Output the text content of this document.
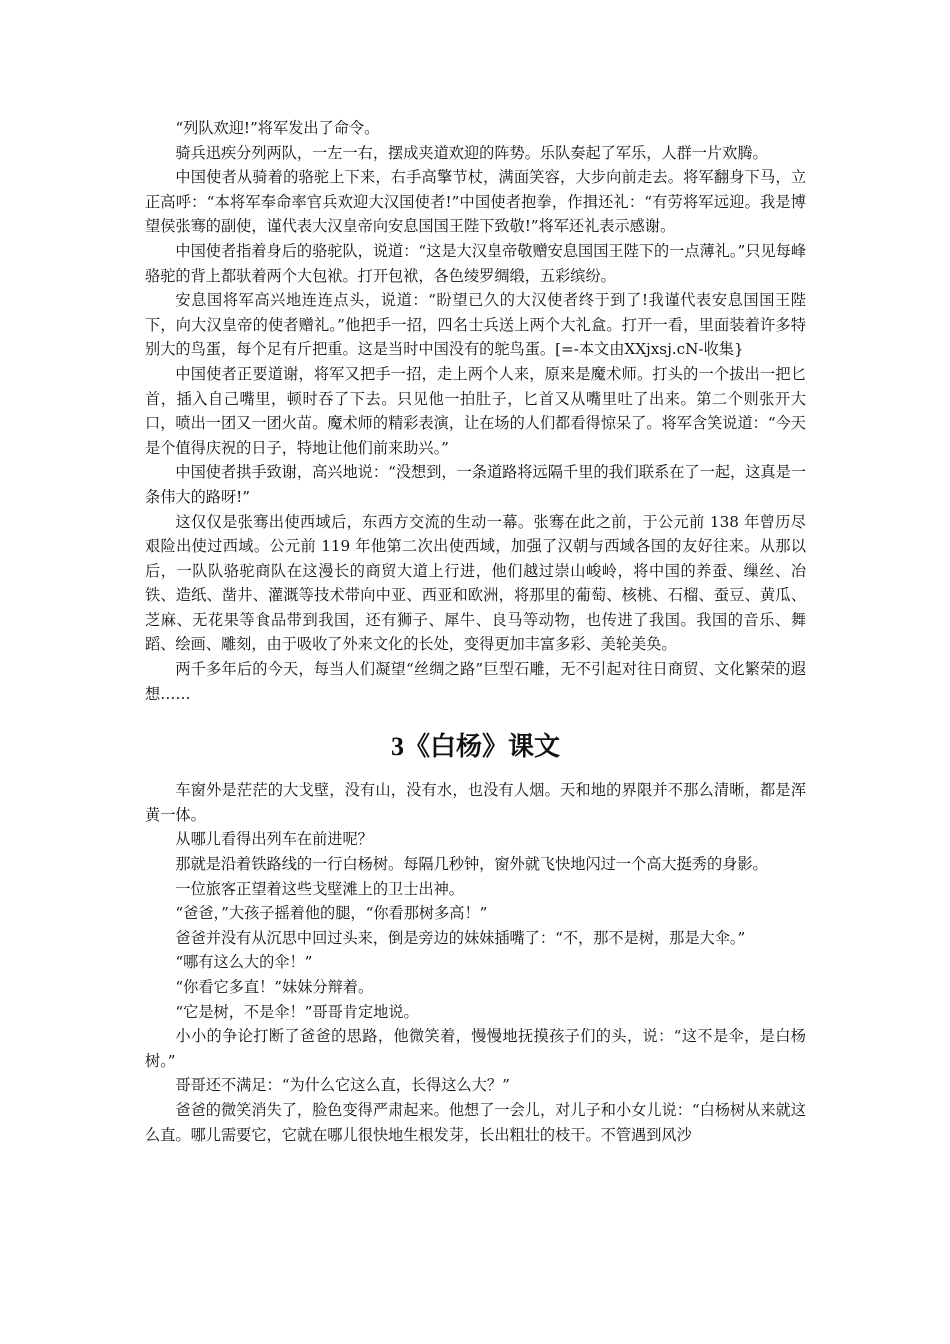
“列队欢迎!”将军发出了命令。

骑兵迅疾分列两队，一左一右，摆成夹道欢迎的阵势。乐队奏起了军乐，人群一片欢腾。

中国使者从骑着的骆驼上下来，右手高擎节杖，满面笑容，大步向前走去。将军翻身下马，立正高呼：“本将军奉命率官兵欢迎大汉国使者!”中国使者抱拳，作揖还礼：“有劳将军远迎。我是博望侯张骞的副使，谨代表大汉皇帝向安息国国王陛下致敬!”将军还礼表示感谢。

中国使者指着身后的骆驼队，说道：“这是大汉皇帝敬赠安息国国王陛下的一点薄礼。”只见每峰骆驼的背上都驮着两个大包袱。打开包袱，各色绫罗绸缎，五彩缤纷。

安息国将军高兴地连连点头，说道：“盼望已久的大汉使者终于到了!我谨代表安息国国王陛下，向大汉皇帝的使者赠礼。”他把手一招，四名士兵送上两个大礼盒。打开一看，里面装着许多特别大的鸟蛋，每个足有斤把重。这是当时中国没有的鸵鸟蛋。[=-本文由XXjxsj.cN-收集}

中国使者正要道谢，将军又把手一招，走上两个人来，原来是魔术师。打头的一个拔出一把匕首，插入自己嘴里，顿时吞了下去。只见他一拍肚子，匕首又从嘴里吐了出来。第二个则张开大口，喷出一团又一团火苗。魔术师的精彩表演，让在场的人们都看得惊呆了。将军含笑说道：“今天是个值得庆祝的日子，特地让他们前来助兴。”

中国使者拱手致谢，高兴地说：“没想到，一条道路将远隔千里的我们联系在了一起，这真是一条伟大的路呀!”

这仅仅是张骞出使西域后，东西方交流的生动一幕。张骞在此之前，于公元前 138 年曾历尽艰险出使过西域。公元前 119 年他第二次出使西域，加强了汉朝与西域各国的友好往来。从那以后，一队队骆驼商队在这漫长的商贸大道上行进，他们越过崇山峻岭，将中国的养蚕、缫丝、冶铁、造纸、凿井、灌溉等技术带向中亚、西亚和欧洲，将那里的葡萄、核桃、石榴、蚕豆、黄瓜、芝麻、无花果等食品带到我国，还有狮子、犀牛、良马等动物，也传进了我国。我国的音乐、舞蹈、绘画、雕刻，由于吸收了外来文化的长处，变得更加丰富多彩、美轮美奂。

两千多年后的今天，每当人们凝望“丝绸之路”巨型石雕，无不引起对往日商贸、文化繁荣的遐想……

3《白杨》课文

车窗外是茫茫的大戈壁，没有山，没有水，也没有人烟。天和地的界限并不那么清晰，都是浑黄一体。

从哪儿看得出列车在前进呢？

那就是沿着铁路线的一行白杨树。每隔几秒钟，窗外就飞快地闪过一个高大挺秀的身影。

一位旅客正望着这些戈壁滩上的卫士出神。

“爸爸，”大孩子摇着他的腿，“你看那树多高！”

爸爸并没有从沉思中回过头来，倒是旁边的妹妹插嘴了：“不，那不是树，那是大伞。”

“哪有这么大的伞！”

“你看它多直！”妹妹分辩着。

“它是树，不是伞！”哥哥肯定地说。

小小的争论打断了爸爸的思路，他微笑着，慢慢地抚摸孩子们的头，说：“这不是伞，是白杨树。”

哥哥还不满足：“为什么它这么直，长得这么大？”

爸爸的微笑消失了，脸色变得严肃起来。他想了一会儿，对儿子和小女儿说：“白杨树从来就这么直。哪儿需要它，它就在哪儿很快地生根发芽，长出粗壮的枝干。不管遇到风沙
